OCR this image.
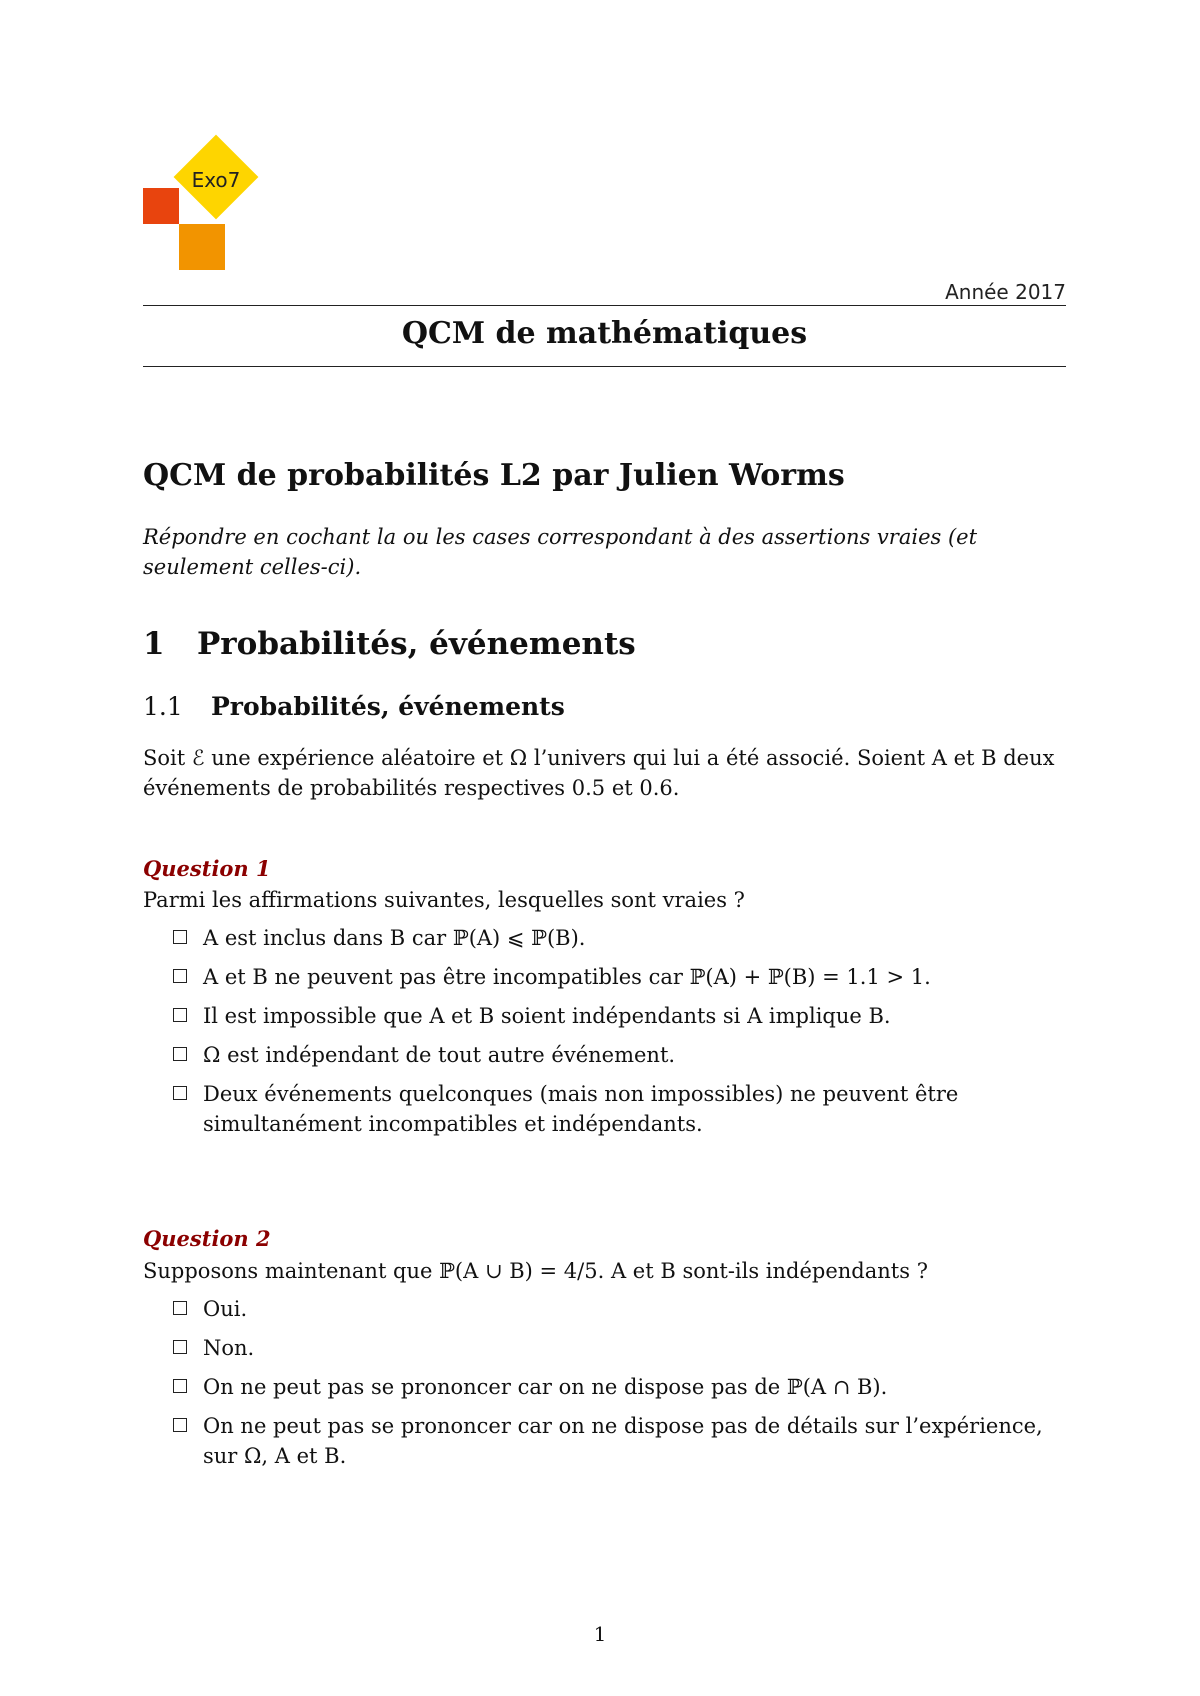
Exo7
Année 2017
QCM de mathématiques
QCM de probabilités L2 par Julien Worms
Répondre en cochant la ou les cases correspondant à des assertions vraies (et seulement celles-ci).
1 Probabilités, événements
1.1 Probabilités, événements
Soit ℰ une expérience aléatoire et Ω l’univers qui lui a été associé. Soient A et B deux événements de probabilités respectives 0.5 et 0.6.
Question 1
Parmi les affirmations suivantes, lesquelles sont vraies ?
A est inclus dans B car ℙ(A) ⩽ ℙ(B).
A et B ne peuvent pas être incompatibles car ℙ(A) + ℙ(B) = 1.1 > 1.
Il est impossible que A et B soient indépendants si A implique B.
Ω est indépendant de tout autre événement.
Deux événements quelconques (mais non impossibles) ne peuvent être simultanément incompatibles et indépendants.
Question 2
Supposons maintenant que ℙ(A ∪ B) = 4/5. A et B sont-ils indépendants ?
Oui.
Non.
On ne peut pas se prononcer car on ne dispose pas de ℙ(A ∩ B).
On ne peut pas se prononcer car on ne dispose pas de détails sur l’expérience, sur Ω, A et B.
1
